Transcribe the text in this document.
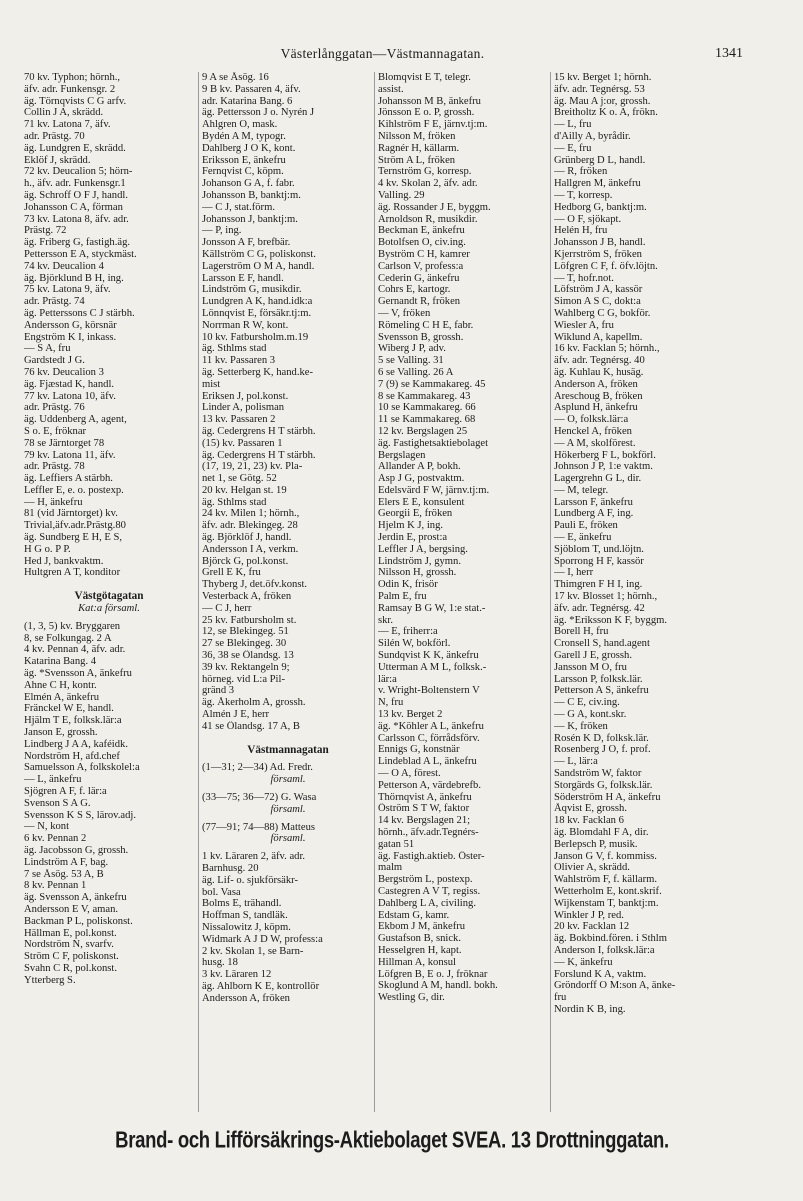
Västerlånggatan—Västmannagatan.	1341
70 kv. Typhon; hörnh.,
äfv. adr. Funkensgr. 2
äg. Törnqvists C G arfv.
Collin J A, skrädd.
71 kv. Latona 7, äfv.
adr. Prästg. 70
äg. Lundgren E, skrädd.
Eklöf J, skrädd.
72 kv. Deucalion 5; hörn-
h., äfv. adr. Funkensgr.1
äg. Schroff O F J, handl.
Johansson C A, förman
73 kv. Latona 8, äfv. adr.
Prästg. 72
äg. Friberg G, fastigh.äg.
Pettersson E A, styckmäst.
74 kv. Deucalion 4
äg. Björklund B H, ing.
75 kv. Latona 9, äfv.
adr. Prästg. 74
äg. Petterssons C J stärbh.
Andersson G, körsnär
Engström K I, inkass.
— S A, fru
Gardstedt J G.
76 kv. Deucalion 3
äg. Fjæstad K, handl.
77 kv. Latona 10, äfv.
adr. Prästg. 76
äg. Uddenberg A, agent,
S o. E, fröknar
78 se Järntorget 78
79 kv. Latona 11, äfv.
adr. Prästg. 78
äg. Leffiers A stärbh.
Leffler E, e. o. postexp.
— H, änkefru
81 (vid Järntorget) kv.
Trivial,äfv.adr.Prästg.80
äg. Sundberg E H, E S,
H G o. P P.
Hed J, bankvaktm.
Hultgren A T, konditor
Västgötagatan
Kat:a församl.
(1, 3, 5) kv. Bryggaren
8, se Folkungag. 2 A
4 kv. Pennan 4, äfv. adr.
Katarina Bang. 4
äg. *Svensson A, änkefru
Ahne C H, kontr.
Elmén A, änkefru
Fränckel W E, handl.
Hjälm T E, folksk.lär:a
Janson E, grossh.
Lindberg J A A, kaféidk.
Nordström H, afd.chef
Samuelsson A, folkskolel:a
— L, änkefru
Sjögren A F, f. lär:a
Svenson S A G.
Svensson K S S, lärov.adj.
— N, kont
6 kv. Pennan 2
äg. Jacobsson G, grossh.
Lindström A F, bag.
7 se Åsög. 53 A, B
8 kv. Pennan 1
äg. Svensson A, änkefru
Andersson E V, aman.
Backman P L, poliskonst.
Hällman E, pol.konst.
Nordström N, svarfv.
Ström C F, poliskonst.
Svahn C R, pol.konst.
Ytterberg S.
9 A se Åsög. 16
9 B kv. Passaren 4, äfv.
adr. Katarina Bang. 6
äg. Pettersson J o. Nyrén J
Ahlgren O, mask.
Bydén A M, typogr.
Dahlberg J O K, kont.
Eriksson E, änkefru
Fernqvist C, köpm.
Johanson G A, f. fabr.
Johansson B, banktj:m.
— C J, stat.förm.
Johansson J, banktj:m.
— P, ing.
Jonsson A F, brefbär.
Källström C G, poliskonst.
Lagerström O M A, handl.
Larsson E F, handl.
Lindström G, musikdir.
Lundgren A K, hand.idk:a
Lönnqvist E, försäkr.tj:m.
Norrman R W, kont.
10 kv. Fatbursholm.m.19
äg. Sthlms stad
11 kv. Passaren 3
äg. Setterberg K, hand.ke-
mist
Eriksen J, pol.konst.
Linder A, polisman
13 kv. Passaren 2
äg. Cedergrens H T stärbh.
(15) kv. Passaren 1
äg. Cedergrens H T stärbh.
(17, 19, 21, 23) kv. Pla-
net 1, se Götg. 52
20 kv. Helgan st. 19
äg. Sthlms stad
24 kv. Milen 1; hörnh.,
äfv. adr. Blekingeg. 28
äg. Björklöf J, handl.
Andersson I A, verkm.
Björck G, pol.konst.
Grell E K, fru
Thyberg J, det.öfv.konst.
Vesterback A, fröken
— C J, herr
25 kv. Fatbursholm st.
12, se Blekingeg. 51
27 se Blekingeg. 30
36, 38 se Ölandsg. 13
39 kv. Rektangeln 9;
hörneg. vid L:a Pil-
gränd 3
äg. Åkerholm A, grossh.
Almén J E, herr
41 se Ölandsg. 17 A, B
Västmannagatan
(1—31; 2—34) Ad. Fredr.
församl.
(33—75; 36—72) G. Wasa
församl.
(77—91; 74—88) Matteus
församl.
1 kv. Läraren 2, äfv. adr.
Barnhusg. 20
äg. Lif- o. sjukförsäkr-
bol. Vasa
Bolms E, trähandl.
Hoffman S, tandläk.
Nissalowitz J, köpm.
Widmark A J D W, profess:a
2 kv. Skolan 1, se Barn-
husg. 18
3 kv. Läraren 12
äg. Ahlborn K E, kontrollör
Andersson A, fröken
Blomqvist E T, telegr.
assist.
Johansson M B, änkefru
Jönsson E o. P, grossh.
Kihlström F E, järnv.tj:m.
Nilsson M, fröken
Ragnér H, källarm.
Ström A L, fröken
Ternström G, korresp.
4 kv. Skolan 2, äfv. adr.
Valling. 29
äg. Rossander J E, byggm.
Arnoldson R, musikdir.
Beckman E, änkefru
Botolfsen O, civ.ing.
Byström C H, kamrer
Carlson V, profess:a
Cederin G, änkefru
Cohrs E, kartogr.
Gernandt R, fröken
— V, fröken
Römeling C H E, fabr.
Svensson B, grossh.
Wiberg J P, adv.
5 se Valling. 31
6 se Valling. 26 A
7 (9) se Kammakareg. 45
8 se Kammakareg. 43
10 se Kammakareg. 66
11 se Kammakareg. 68
12 kv. Bergslagen 25
äg. Fastighetsaktiebolaget
Bergslagen
Allander A P, bokh.
Asp J G, postvaktm.
Edelsvärd F W, järnv.tj:m.
Elers E E, konsulent
Georgii E, fröken
Hjelm K J, ing.
Jerdin E, prost:a
Leffler J A, bergsing.
Lindström J, gymn.
Nilsson H, grossh.
Odin K, frisör
Palm E, fru
Ramsay B G W, 1:e stat.-
skr.
— E, friherr:a
Silén W, bokförl.
Sundqvist K K, änkefru
Utterman A M L, folksk.-
lär:a
v. Wright-Boltenstern V
N, fru
13 kv. Berget 2
äg. *Köhler A L, änkefru
Carlsson C, förrådsförv.
Ennigs G, konstnär
Lindeblad A L, änkefru
— O A, förest.
Petterson A, värdebrefb.
Thörnqvist A, änkefru
Öström S T W, faktor
14 kv. Bergslagen 21;
hörnh., äfv.adr.Tegnérs-
gatan 51
äg. Fastigh.aktieb. Öster-
malm
Bergström L, postexp.
Castegren A V T, regiss.
Dahlberg L A, civiling.
Edstam G, kamr.
Ekbom J M, änkefru
Gustafson B, snick.
Hesselgren H, kapt.
Hillman A, konsul
Löfgren B, E o. J, fröknar
Skoglund A M, handl. bokh.
Westling G, dir.
15 kv. Berget 1; hörnh.
äfv. adr. Tegnérsg. 53
äg. Mau A j:or, grossh.
Breitholtz K o. A, frökn.
— L, fru
d'Ailly A, byrådir.
— E, fru
Grünberg D L, handl.
— R, fröken
Hallgren M, änkefru
— T, korresp.
Hedborg G, banktj:m.
— O F, sjökapt.
Helén H, fru
Johansson J B, handl.
Kjerrström S, fröken
Löfgren C F, f. öfv.löjtn.
— T, hofr.not.
Löfström J A, kassör
Simon A S C, dokt:a
Wahlberg C G, bokför.
Wiesler A, fru
Wiklund A, kapellm.
16 kv. Facklan 5; hörnh.,
äfv. adr. Tegnérsg. 40
äg. Kuhlau K, husäg.
Anderson A, fröken
Areschoug B, fröken
Asplund H, änkefru
— O, folksk.lär:a
Henckel A, fröken
— A M, skolförest.
Hökerberg F L, bokförl.
Johnson J P, 1:e vaktm.
Lagergrehn G L, dir.
— M, telegr.
Larsson F, änkefru
Lundberg A F, ing.
Pauli E, fröken
— E, änkefru
Sjöblom T, und.löjtn.
Sporrong H F, kassör
— I, herr
Thimgren F H I, ing.
17 kv. Blosset 1; hörnh.,
äfv. adr. Tegnérsg. 42
äg. *Eriksson K F, byggm.
Borell H, fru
Cronsell S, hand.agent
Garell J E, grossh.
Jansson M O, fru
Larsson P, folksk.lär.
Petterson A S, änkefru
— C E, civ.ing.
— G A, kont.skr.
— K, fröken
Rosén K D, folksk.lär.
Rosenberg J O, f. prof.
— L, lär:a
Sandström W, faktor
Storgärds G, folksk.lär.
Söderström H A, änkefru
Åqvist E, grossh.
18 kv. Facklan 6
äg. Blomdahl F A, dir.
Berlepsch P, musik.
Janson G V, f. kommiss.
Olivier A, skrädd.
Wahlström F, f. källarm.
Wetterholm E, kont.skrif.
Wijkenstam T, banktj:m.
Winkler J P, red.
20 kv. Facklan 12
äg. Bokbind.fören. i Sthlm
Anderson I, folksk.lär:a
— K, änkefru
Forslund K A, vaktm.
Gröndorff O M:son A, änke-
fru
Nordin K B, ing.
Brand- och Lifförsäkrings-Aktiebolaget SVEA. 13 Drottninggatan.
